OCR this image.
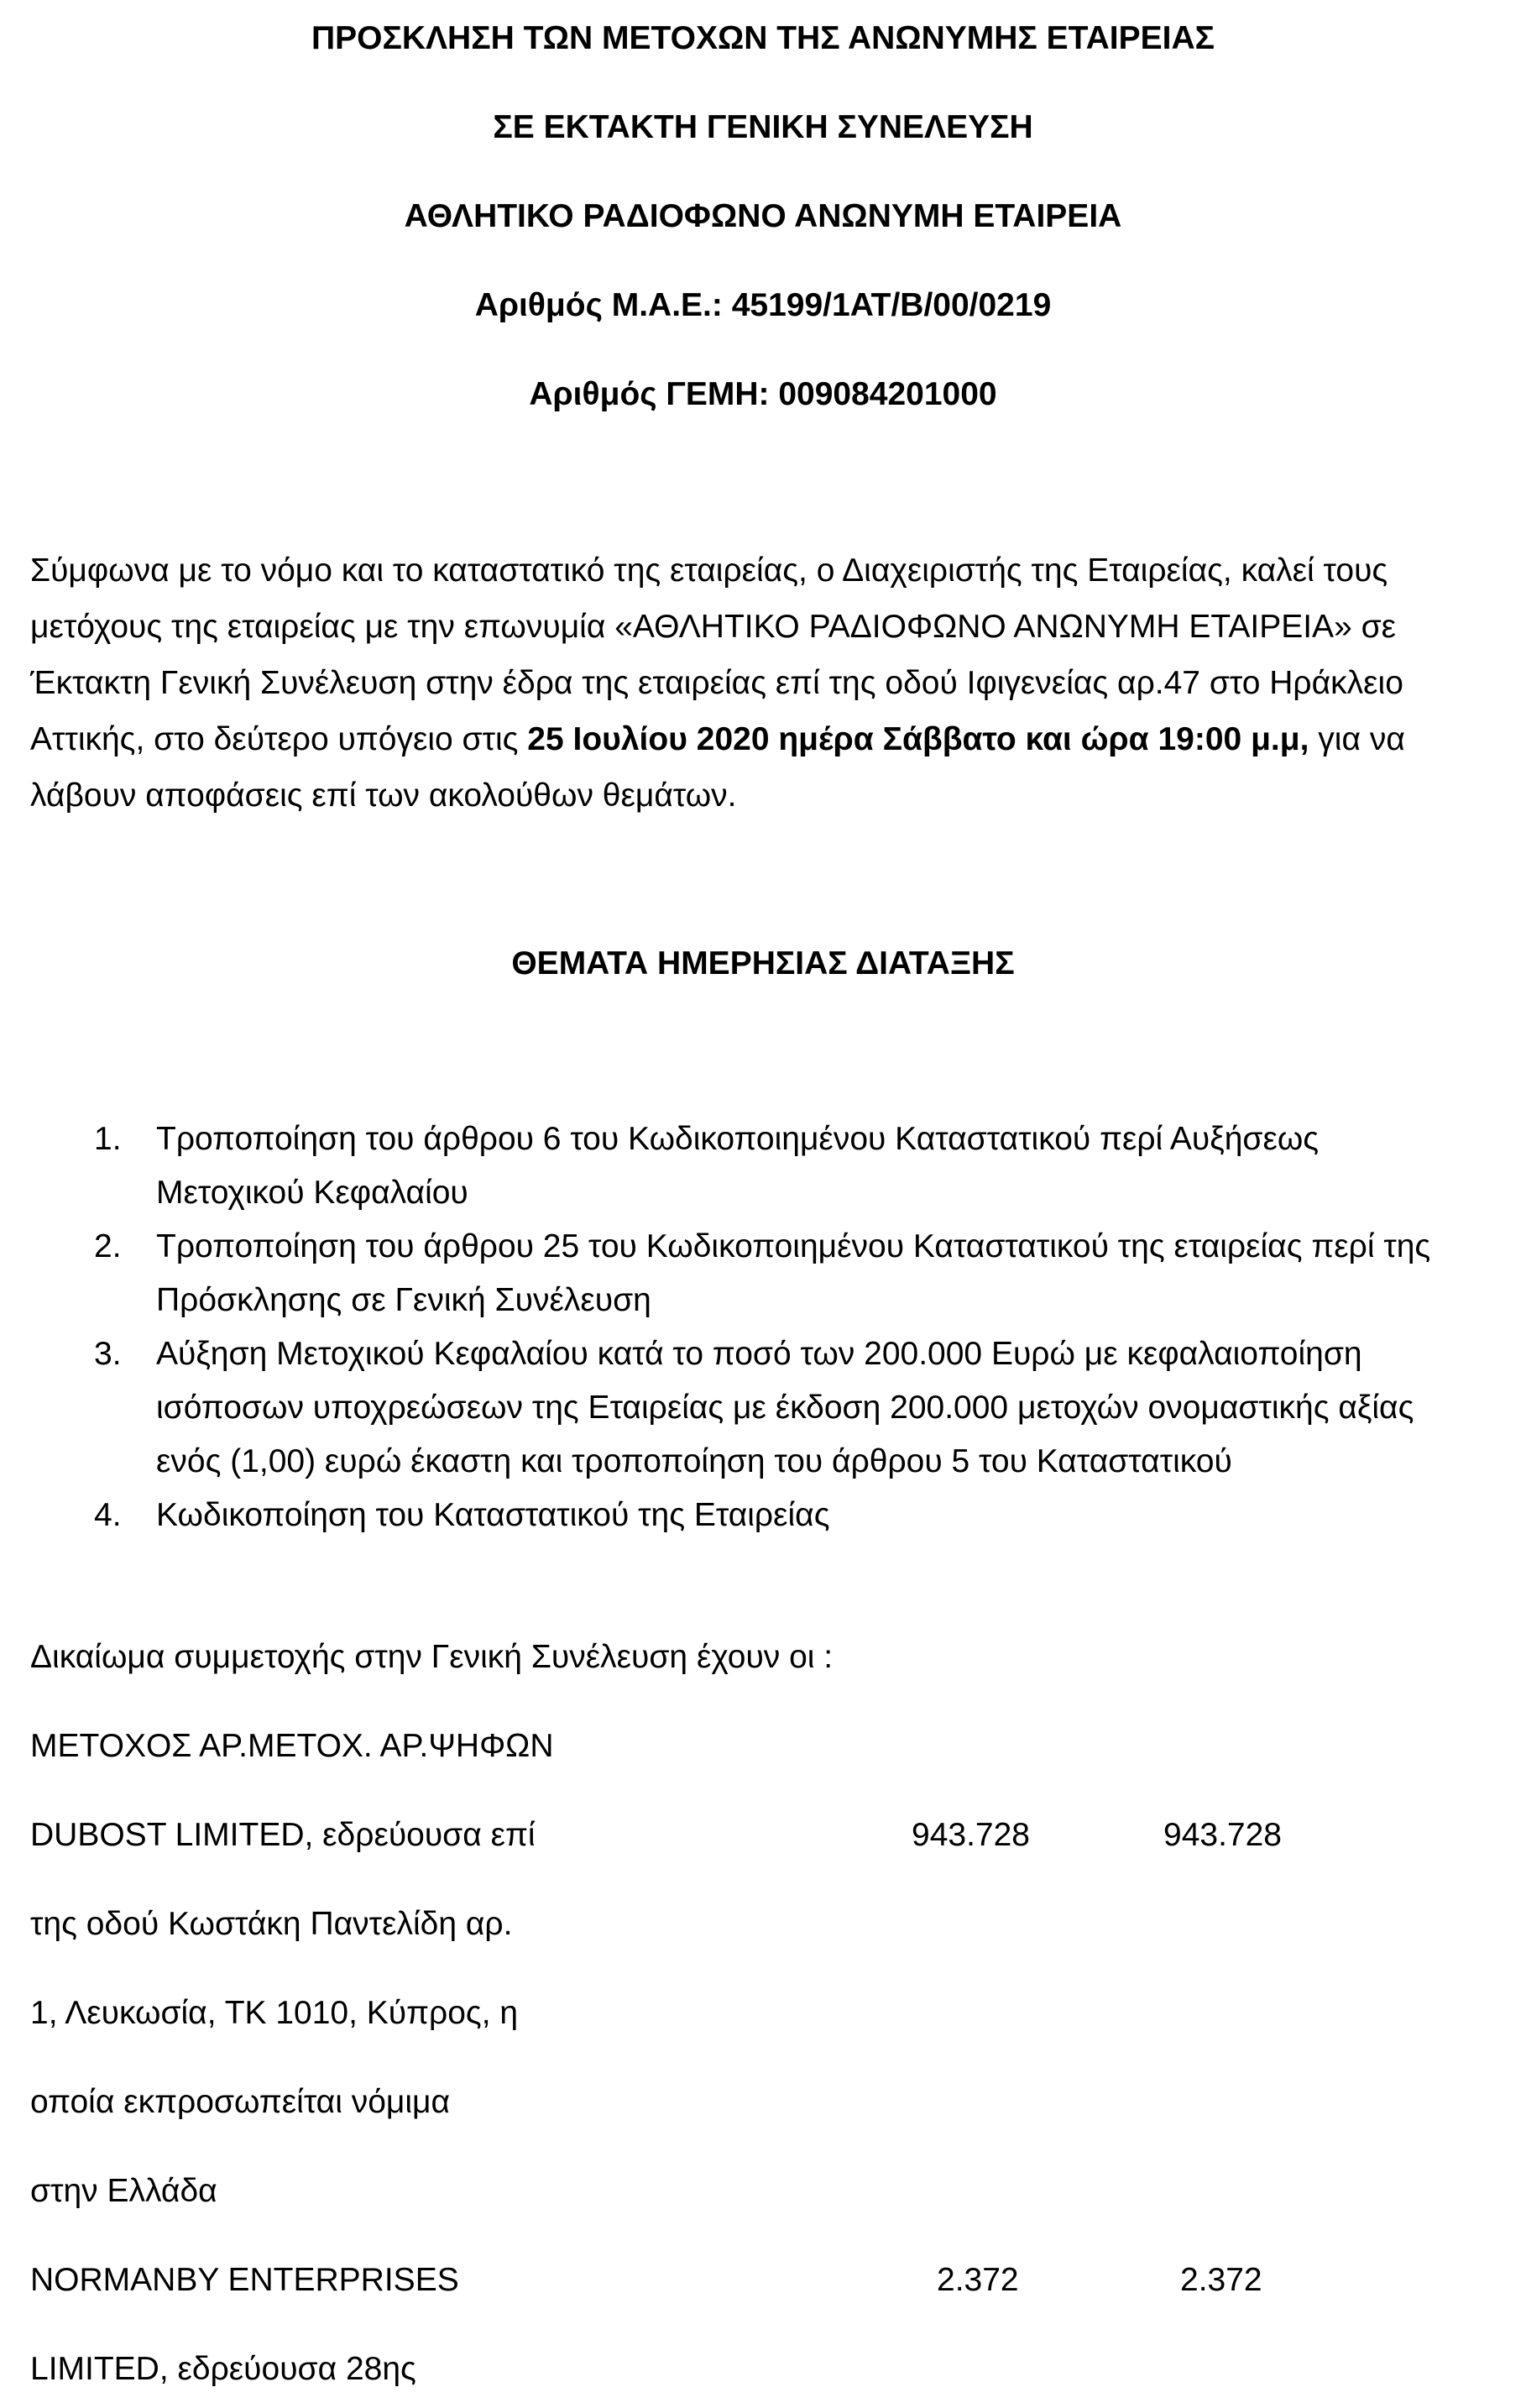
ΠΡΟΣΚΛΗΣΗ ΤΩΝ ΜΕΤΟΧΩΝ ΤΗΣ ΑΝΩΝΥΜΗΣ ΕΤΑΙΡΕΙΑΣ
ΣΕ ΕΚΤΑΚΤΗ ΓΕΝΙΚΗ ΣΥΝΕΛΕΥΣΗ
ΑΘΛΗΤΙΚΟ ΡΑΔΙΟΦΩΝΟ ΑΝΩΝΥΜΗ ΕΤΑΙΡΕΙΑ
Αριθμός Μ.Α.Ε.: 45199/1ΑΤ/Β/00/0219
Αριθμός ΓΕΜΗ: 009084201000
Σύμφωνα με το νόμο και το καταστατικό της εταιρείας, ο Διαχειριστής της Εταιρείας, καλεί τους μετόχους της εταιρείας με την επωνυμία «ΑΘΛΗΤΙΚΟ ΡΑΔΙΟΦΩΝΟ ΑΝΩΝΥΜΗ ΕΤΑΙΡΕΙΑ» σε Έκτακτη Γενική Συνέλευση στην έδρα της εταιρείας επί της οδού Ιφιγενείας αρ.47 στο Ηράκλειο Αττικής, στο δεύτερο υπόγειο στις 25 Ιουλίου 2020 ημέρα Σάββατο και ώρα 19:00 μ.μ, για να λάβουν αποφάσεις επί των ακολούθων θεμάτων.
ΘΕΜΑΤΑ ΗΜΕΡΗΣΙΑΣ ΔΙΑΤΑΞΗΣ
1. Τροποποίηση του άρθρου 6 του Κωδικοποιημένου Καταστατικού περί Αυξήσεως Μετοχικού Κεφαλαίου
2. Τροποποίηση του άρθρου 25 του Κωδικοποιημένου Καταστατικού της εταιρείας περί της Πρόσκλησης σε Γενική Συνέλευση
3. Αύξηση Μετοχικού Κεφαλαίου κατά το ποσό των 200.000 Ευρώ με κεφαλαιοποίηση ισόποσων υποχρεώσεων της Εταιρείας με έκδοση 200.000 μετοχών ονομαστικής αξίας ενός (1,00) ευρώ έκαστη και τροποποίηση του άρθρου 5 του Καταστατικού
4. Κωδικοποίηση του Καταστατικού της Εταιρείας
Δικαίωμα συμμετοχής στην Γενική Συνέλευση έχουν οι :
ΜΕΤΟΧΟΣ ΑΡ.ΜΕΤΟΧ. ΑΡ.ΨΗΦΩΝ
DUBOST LIMITED, εδρεύουσα επί	943.728	943.728
της οδού Κωστάκη Παντελίδη αρ.
1, Λευκωσία, ΤΚ 1010, Κύπρος, η
οποία εκπροσωπείται νόμιμα
στην Ελλάδα
NORMANBY ENTERPRISES	2.372	2.372
LIMITED, εδρεύουσα 28ης
